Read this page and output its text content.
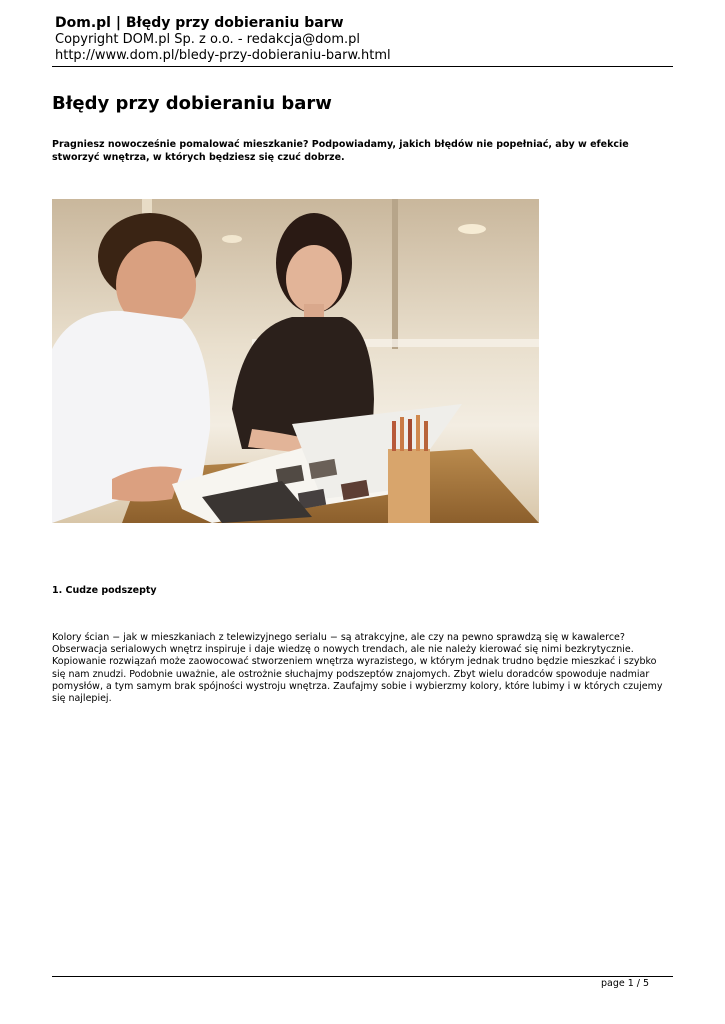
Dom.pl | Błędy przy dobieraniu barw
Copyright DOM.pl Sp. z o.o. - redakcja@dom.pl
http://www.dom.pl/bledy-przy-dobieraniu-barw.html
Błędy przy dobieraniu barw

Pragniesz nowocześnie pomalować mieszkanie? Podpowiadamy, jakich błędów nie popełniać, aby w efekcie stworzyć wnętrza, w których będziesz się czuć dobrze.

1. Cudze podszepty

Kolory ścian − jak w mieszkaniach z telewizyjnego serialu − są atrakcyjne, ale czy na pewno sprawdzą się w kawalerce? Obserwacja serialowych wnętrz inspiruje i daje wiedzę o nowych trendach, ale nie należy kierować się nimi bezkrytycznie. Kopiowanie rozwiązań może zaowocować stworzeniem wnętrza wyrazistego, w którym jednak trudno będzie mieszkać i szybko się nam znudzi. Podobnie uważnie, ale ostrożnie słuchajmy podszeptów znajomych. Zbyt wielu doradców spowoduje nadmiar pomysłów, a tym samym brak spójności wystroju wnętrza. Zaufajmy sobie i wybierzmy kolory, które lubimy i w których czujemy się najlepiej.

page 1 / 5
